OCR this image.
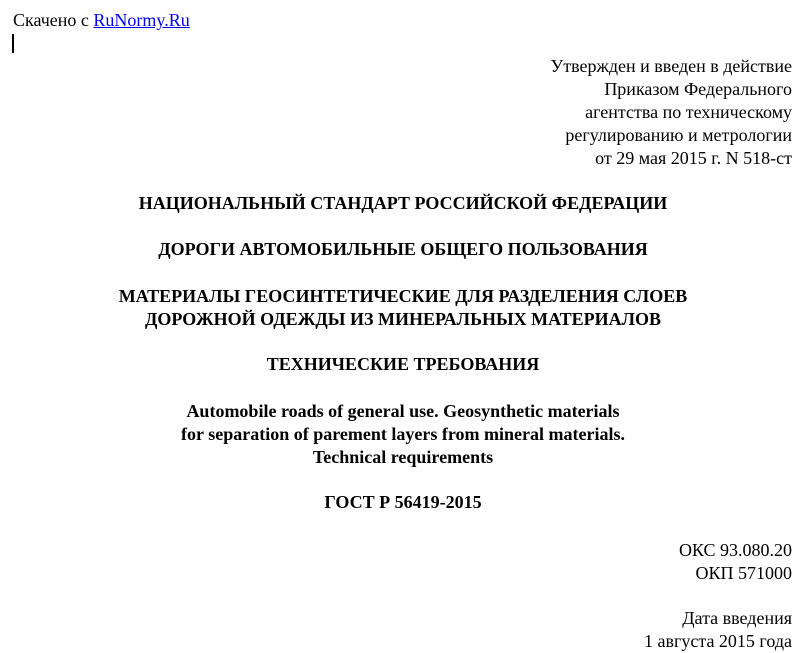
Скачено с RuNormy.Ru
Утвержден и введен в действие
Приказом Федерального
агентства по техническому
регулированию и метрологии
от 29 мая 2015 г. N 518-ст
НАЦИОНАЛЬНЫЙ СТАНДАРТ РОССИЙСКОЙ ФЕДЕРАЦИИ
ДОРОГИ АВТОМОБИЛЬНЫЕ ОБЩЕГО ПОЛЬЗОВАНИЯ
МАТЕРИАЛЫ ГЕОСИНТЕТИЧЕСКИЕ ДЛЯ РАЗДЕЛЕНИЯ СЛОЕВ
ДОРОЖНОЙ ОДЕЖДЫ ИЗ МИНЕРАЛЬНЫХ МАТЕРИАЛОВ
ТЕХНИЧЕСКИЕ ТРЕБОВАНИЯ
Automobile roads of general use. Geosynthetic materials
for separation of parement layers from mineral materials.
Technical requirements
ГОСТ Р 56419-2015
ОКС 93.080.20
ОКП 571000
Дата введения
1 августа 2015 года
